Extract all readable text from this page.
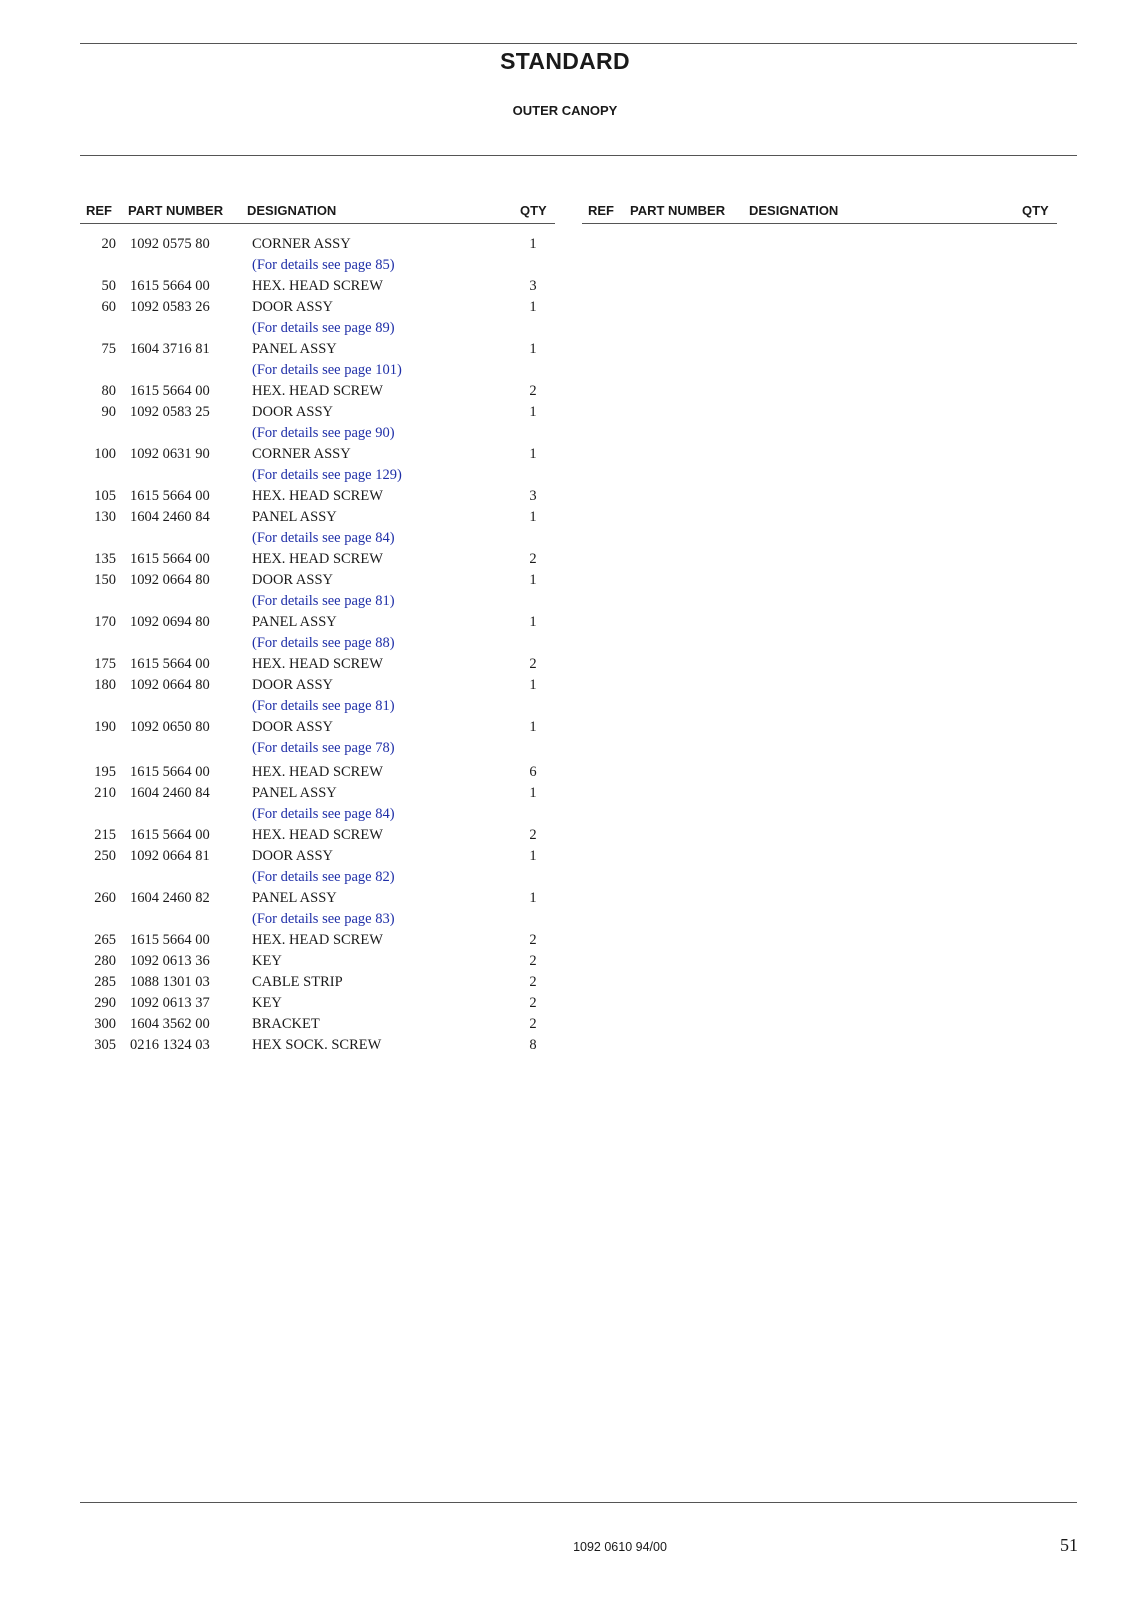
STANDARD
OUTER CANOPY
REF PART NUMBER DESIGNATION	QTY	REF PART NUMBER DESIGNATION	QTY
20 1092 0575 80	CORNER ASSY	1
(For details see page 85)
50 1615 5664 00	HEX. HEAD SCREW	3
60 1092 0583 26	DOOR ASSY	1
(For details see page 89)
75 1604 3716 81	PANEL ASSY	1
(For details see page 101)
80 1615 5664 00	HEX. HEAD SCREW	2
90 1092 0583 25	DOOR ASSY	1
(For details see page 90)
100 1092 0631 90	CORNER ASSY	1
(For details see page 129)
105 1615 5664 00	HEX. HEAD SCREW	3
130 1604 2460 84	PANEL ASSY	1
(For details see page 84)
135 1615 5664 00	HEX. HEAD SCREW	2
150 1092 0664 80	DOOR ASSY	1
(For details see page 81)
170 1092 0694 80	PANEL ASSY	1
(For details see page 88)
175 1615 5664 00	HEX. HEAD SCREW	2
180 1092 0664 80	DOOR ASSY	1
(For details see page 81)
190 1092 0650 80	DOOR ASSY	1
(For details see page 78)
195 1615 5664 00	HEX. HEAD SCREW	6
210 1604 2460 84	PANEL ASSY	1
(For details see page 84)
215 1615 5664 00	HEX. HEAD SCREW	2
250 1092 0664 81	DOOR ASSY	1
(For details see page 82)
260 1604 2460 82	PANEL ASSY	1
(For details see page 83)
265 1615 5664 00	HEX. HEAD SCREW	2
280 1092 0613 36	KEY	2
285 1088 1301 03	CABLE STRIP	2
290 1092 0613 37	KEY	2
300 1604 3562 00	BRACKET	2
305 0216 1324 03	HEX SOCK. SCREW	8
1092 0610 94/00	51
